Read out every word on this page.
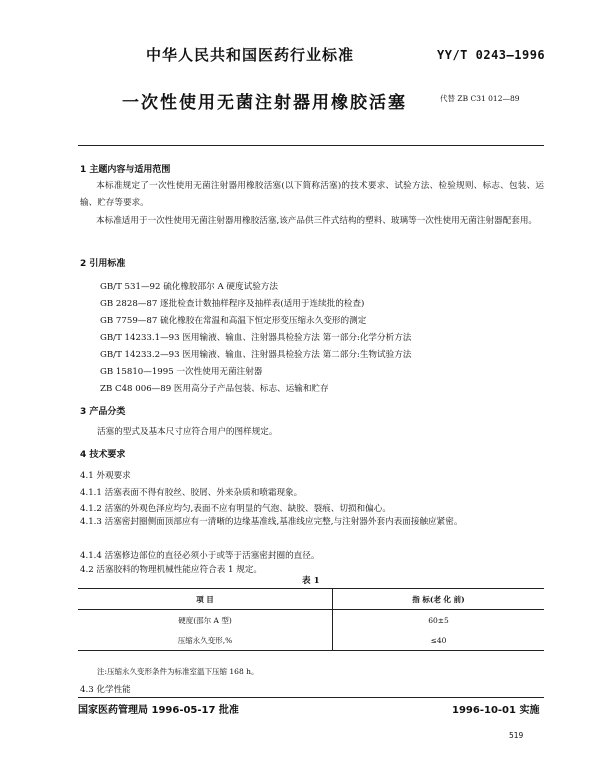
中华人民共和国医药行业标准	YY/T 0243—1996
一次性使用无菌注射器用橡胶活塞	代替 ZB C31 012—89
1 主题内容与适用范围
本标准规定了一次性使用无菌注射器用橡胶活塞(以下简称活塞)的技术要求、试验方法、检验规则、标志、包装、运输、贮存等要求。
本标准适用于一次性使用无菌注射器用橡胶活塞,该产品供三件式结构的塑料、玻璃等一次性使用无菌注射器配套用。
2 引用标准
GB/T 531—92 硫化橡胶邵尔 A 硬度试验方法
GB 2828—87 逐批检查计数抽样程序及抽样表(适用于连续批的检查)
GB 7759—87 硫化橡胶在常温和高温下恒定形变压缩永久变形的测定
GB/T 14233.1—93 医用输液、输血、注射器具检验方法 第一部分:化学分析方法
GB/T 14233.2—93 医用输液、输血、注射器具检验方法 第二部分:生物试验方法
GB 15810—1995 一次性使用无菌注射器
ZB C48 006—89 医用高分子产品包装、标志、运输和贮存
3 产品分类
活塞的型式及基本尺寸应符合用户的图样规定。
4 技术要求
4.1 外观要求
4.1.1 活塞表面不得有胶丝、胶屑、外来杂质和喷霜现象。
4.1.2 活塞的外观色泽应均匀,表面不应有明显的气泡、缺胶、裂痕、切损和偏心。
4.1.3 活塞密封圈侧面顶部应有一清晰的边缘基准线,基准线应完整,与注射器外套内表面接触应紧密。
4.1.4 活塞修边部位的直径必须小于或等于活塞密封圈的直径。
4.2 活塞胶料的物理机械性能应符合表 1 规定。
表 1
项 目	指 标(老 化 前)
硬度(邵尔 A 型)	60±5
压缩永久变形,%	≤40
注:压缩永久变形条件为标准室温下压缩 168 h。
4.3 化学性能
国家医药管理局 1996-05-17 批准	1996-10-01 实施
519
